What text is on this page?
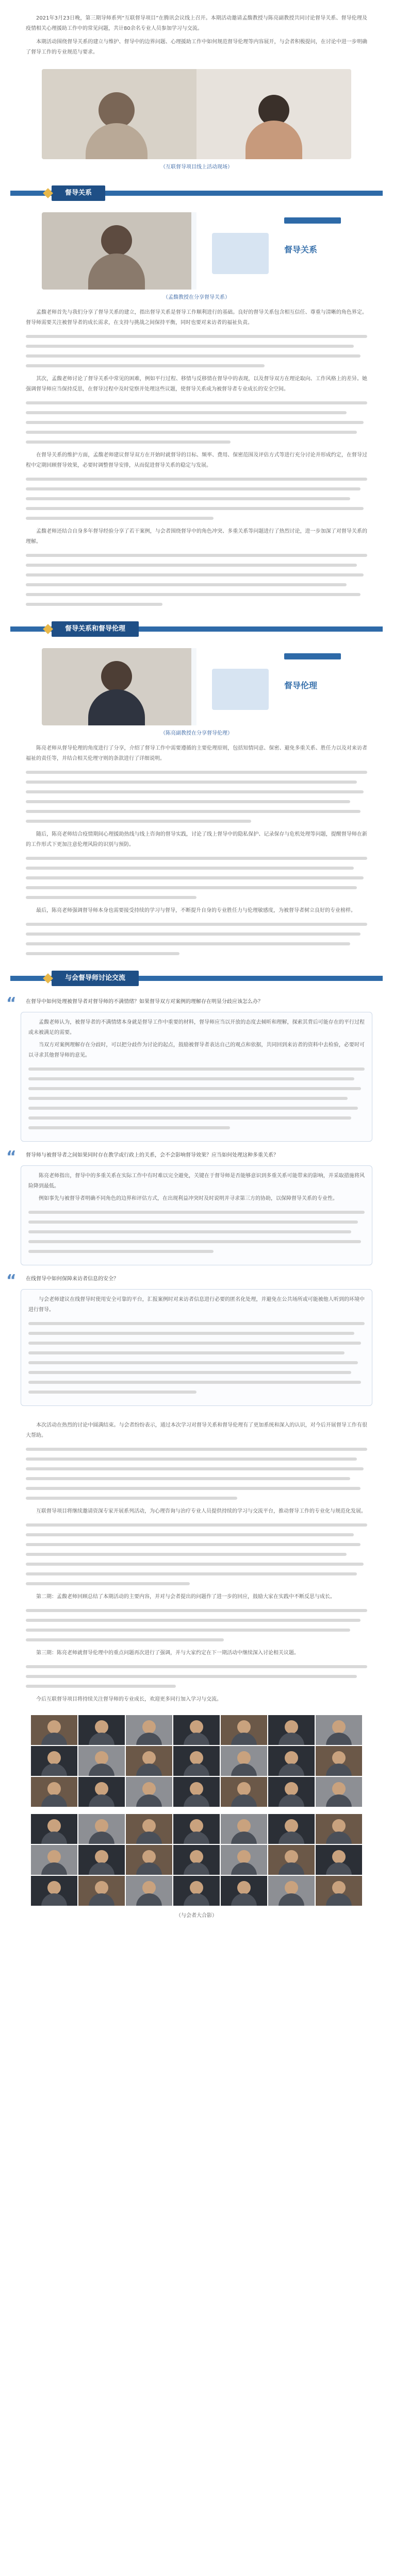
2021年3月23日晚，第三期导师系列“互联督导项目”在腾讯会议线上召开。本期活动邀请孟馥教授与陈亮副教授共同讨论督导关系、督导伦理及疫情相关心理援助工作中的常见问题，共计80余名专业人员参加学习与交流。

本期活动围绕督导关系的建立与维护、督导中的边界问题、心理援助工作中如何规范督导伦理等内容展开，与会者积极提问，在讨论中进一步明确了督导工作的专业规范与要求。

（互联督导项目线上活动现场）
督导关系
督导关系
（孟馥教授在分享督导关系）

孟馥老师首先与我们分享了督导关系的建立，指出督导关系是督导工作顺利进行的基础。良好的督导关系包含相互信任、尊重与清晰的角色界定。督导师需要关注被督导者的成长需求，在支持与挑战之间保持平衡，同时也要对来访者的福祉负责。

其次，孟馥老师讨论了督导关系中常见的困难，例如平行过程、移情与反移情在督导中的表现，以及督导双方在理论取向、工作风格上的差异。她强调督导师应当保持反思，在督导过程中及时觉察并处理这些议题，使督导关系成为被督导者专业成长的安全空间。

在督导关系的维护方面，孟馥老师建议督导双方在开始时就督导的目标、频率、费用、保密范围及评估方式等进行充分讨论并形成约定，在督导过程中定期回顾督导效果，必要时调整督导安排，从而促进督导关系的稳定与发展。

孟馥老师还结合自身多年督导经验分享了若干案例，与会者围绕督导中的角色冲突、多重关系等问题进行了热烈讨论，进一步加深了对督导关系的理解。

督导关系和督导伦理
督导伦理
（陈亮副教授在分享督导伦理）

陈亮老师从督导伦理的角度进行了分享，介绍了督导工作中需要遵循的主要伦理原则，包括知情同意、保密、避免多重关系、胜任力以及对来访者福祉的责任等，并结合相关伦理守则的条款进行了详细说明。

随后，陈亮老师结合疫情期间心理援助热线与线上咨询的督导实践，讨论了线上督导中的隐私保护、记录保存与危机处理等问题，提醒督导师在新的工作形式下更加注意伦理风险的识别与预防。

最后，陈亮老师强调督导师本身也需要接受持续的学习与督导，不断提升自身的专业胜任力与伦理敏感度，为被督导者树立良好的专业榜样。

与会督导师讨论交流
“ 在督导中如何处理被督导者对督导师的不满情绪？如果督导双方对案例的理解存在明显分歧应该怎么办？

孟馥老师认为，被督导者的不满情绪本身就是督导工作中重要的材料，督导师应当以开放的态度去倾听和理解，探索其背后可能存在的平行过程或未被满足的需要。

当双方对案例理解存在分歧时，可以把分歧作为讨论的起点，鼓励被督导者表达自己的观点和依据，共同回到来访者的资料中去检验，必要时可以寻求其他督导师的意见。

“ 督导师与被督导者之间如果同时存在教学或行政上的关系，会不会影响督导效果？应当如何处理这种多重关系？

陈亮老师指出，督导中的多重关系在实际工作中有时难以完全避免，关键在于督导师是否能够意识到多重关系可能带来的影响，并采取措施将风险降到最低。

例如事先与被督导者明确不同角色的边界和评估方式，在出现利益冲突时及时说明并寻求第三方的协助，以保障督导关系的专业性。

“ 在线督导中如何保障来访者信息的安全？

与会老师建议在线督导时使用安全可靠的平台，汇报案例时对来访者信息进行必要的匿名化处理，并避免在公共场所或可能被他人听到的环境中进行督导。

本次活动在热烈的讨论中圆满结束。与会者纷纷表示，通过本次学习对督导关系和督导伦理有了更加系统和深入的认识，对今后开展督导工作有很大帮助。

互联督导项目将继续邀请资深专家开展系列活动，为心理咨询与治疗专业人员提供持续的学习与交流平台，推动督导工作的专业化与规范化发展。

第二期：孟馥老师回顾总结了本期活动的主要内容，并对与会者提出的问题作了进一步的回应，鼓励大家在实践中不断反思与成长。

第三期：陈亮老师就督导伦理中的重点问题再次进行了强调，并与大家约定在下一期活动中继续深入讨论相关议题。

今后互联督导项目将持续关注督导师的专业成长，欢迎更多同行加入学习与交流。

（与会者大合影）
